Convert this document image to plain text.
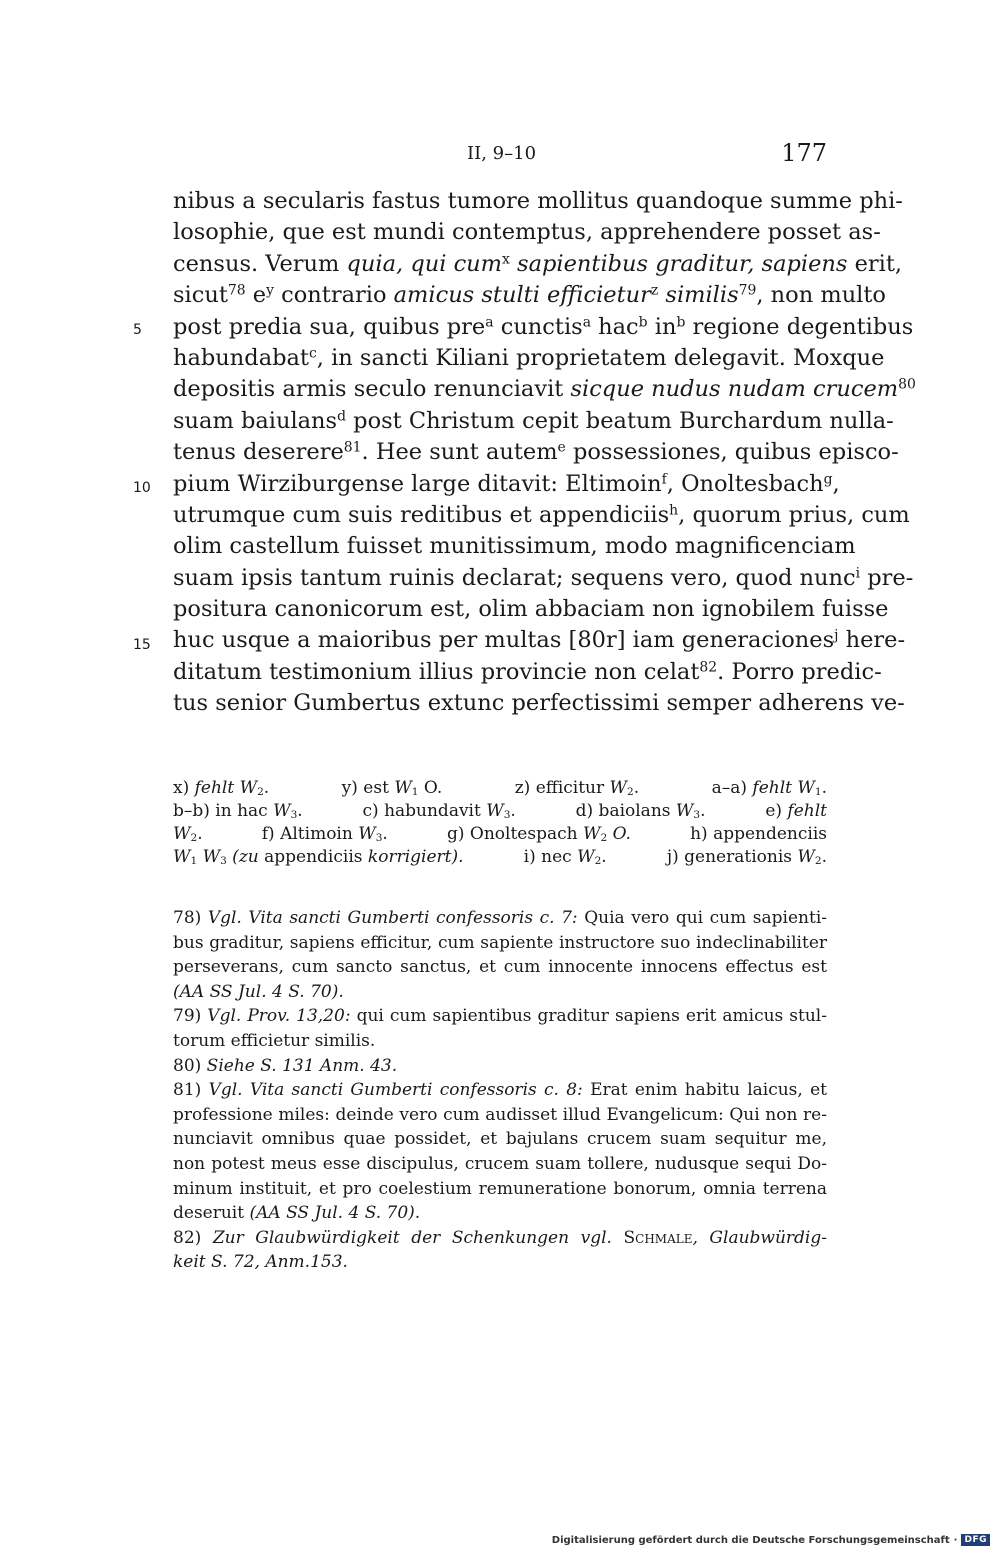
II, 9–10	177
5
10
15
nibus a secularis fastus tumore mollitus quandoque summe phi-
losophie, que est mundi contemptus, apprehendere posset as-
census. Verum quia, qui cum$^x$ sapientibus graditur, sapiens erit,
sicut$^{78}$ $e^y$ contrario amicus stulti efficietur$^z$ similis$^{79}$, non multo
post predia sua, quibus pre$^a$ cunctis$^a$ hac$^b$ $in^b$ regione degentibus
habundabat$^c$, in sancti Kiliani proprietatem delegavit. Moxque
depositis armis seculo renunciavit sicque nudus nudam crucem$^{80}$
suam baiulans$^d$ post Christum cepit beatum Burchardum nulla-
tenus deserere$^{81}$. Hee sunt autem$^e$ possessiones, quibus episco-
pium Wirziburgense large ditavit: Eltimoin$^f$, Onoltesbach$^g$,
utrumque cum suis reditibus et appendiciis$^h$, quorum prius, cum
olim castellum fuisset munitissimum, modo magnificenciam
suam ipsis tantum ruinis declarat; sequens vero, quod nunc$^i$ pre-
positura canonicorum est, olim abbaciam non ignobilem fuisse
huc usque a maioribus per multas [80r] iam generaciones$^j$ here-
ditatum testimonium illius provincie non celat$^{82}$. Porro predic-
tus senior Gumbertus extunc perfectissimi semper adherens ve-
x) fehlt $W_2$.	y) est $W_1$ O.	z) efficitur $W_2$.	a–a) fehlt $W_1$.
b–b) in hac $W_3$.	c) habundavit $W_3$.	d) baiolans $W_3$.	e) fehlt
$W_2$.	f) Altimoin $W_3$.	g) Onoltespach $W_2$ O.	h) appendenciis
$W_1$ $W_3$ (zu appendiciis korrigiert).	i) nec $W_2$.	j) generationis $W_2$.
78) Vgl. Vita sancti Gumberti confessoris c. 7: Quia vero qui cum sapienti-
bus graditur, sapiens efficitur, cum sapiente instructore suo indeclinabiliter
perseverans, cum sancto sanctus, et cum innocente innocens effectus est
(AA SS Jul. 4 S. 70).
79) Vgl. Prov. 13,20: qui cum sapientibus graditur sapiens erit amicus stul-
torum efficietur similis.
80) Siehe S. 131 Anm. 43.
81) Vgl. Vita sancti Gumberti confessoris c. 8: Erat enim habitu laicus, et
professione miles: deinde vero cum audisset illud Evangelicum: Qui non re-
nunciavit omnibus quae possidet, et bajulans crucem suam sequitur me,
non potest meus esse discipulus, crucem suam tollere, nudusque sequi Do-
minum instituit, et pro coelestium remuneratione bonorum, omnia terrena
deseruit (AA SS Jul. 4 S. 70).
82) Zur Glaubwürdigkeit der Schenkungen vgl. Schmale, Glaubwürdig-
keit S. 72, Anm.153.
Digitalisierung gefördert durch die Deutsche Forschungsgemeinschaft · DFG
